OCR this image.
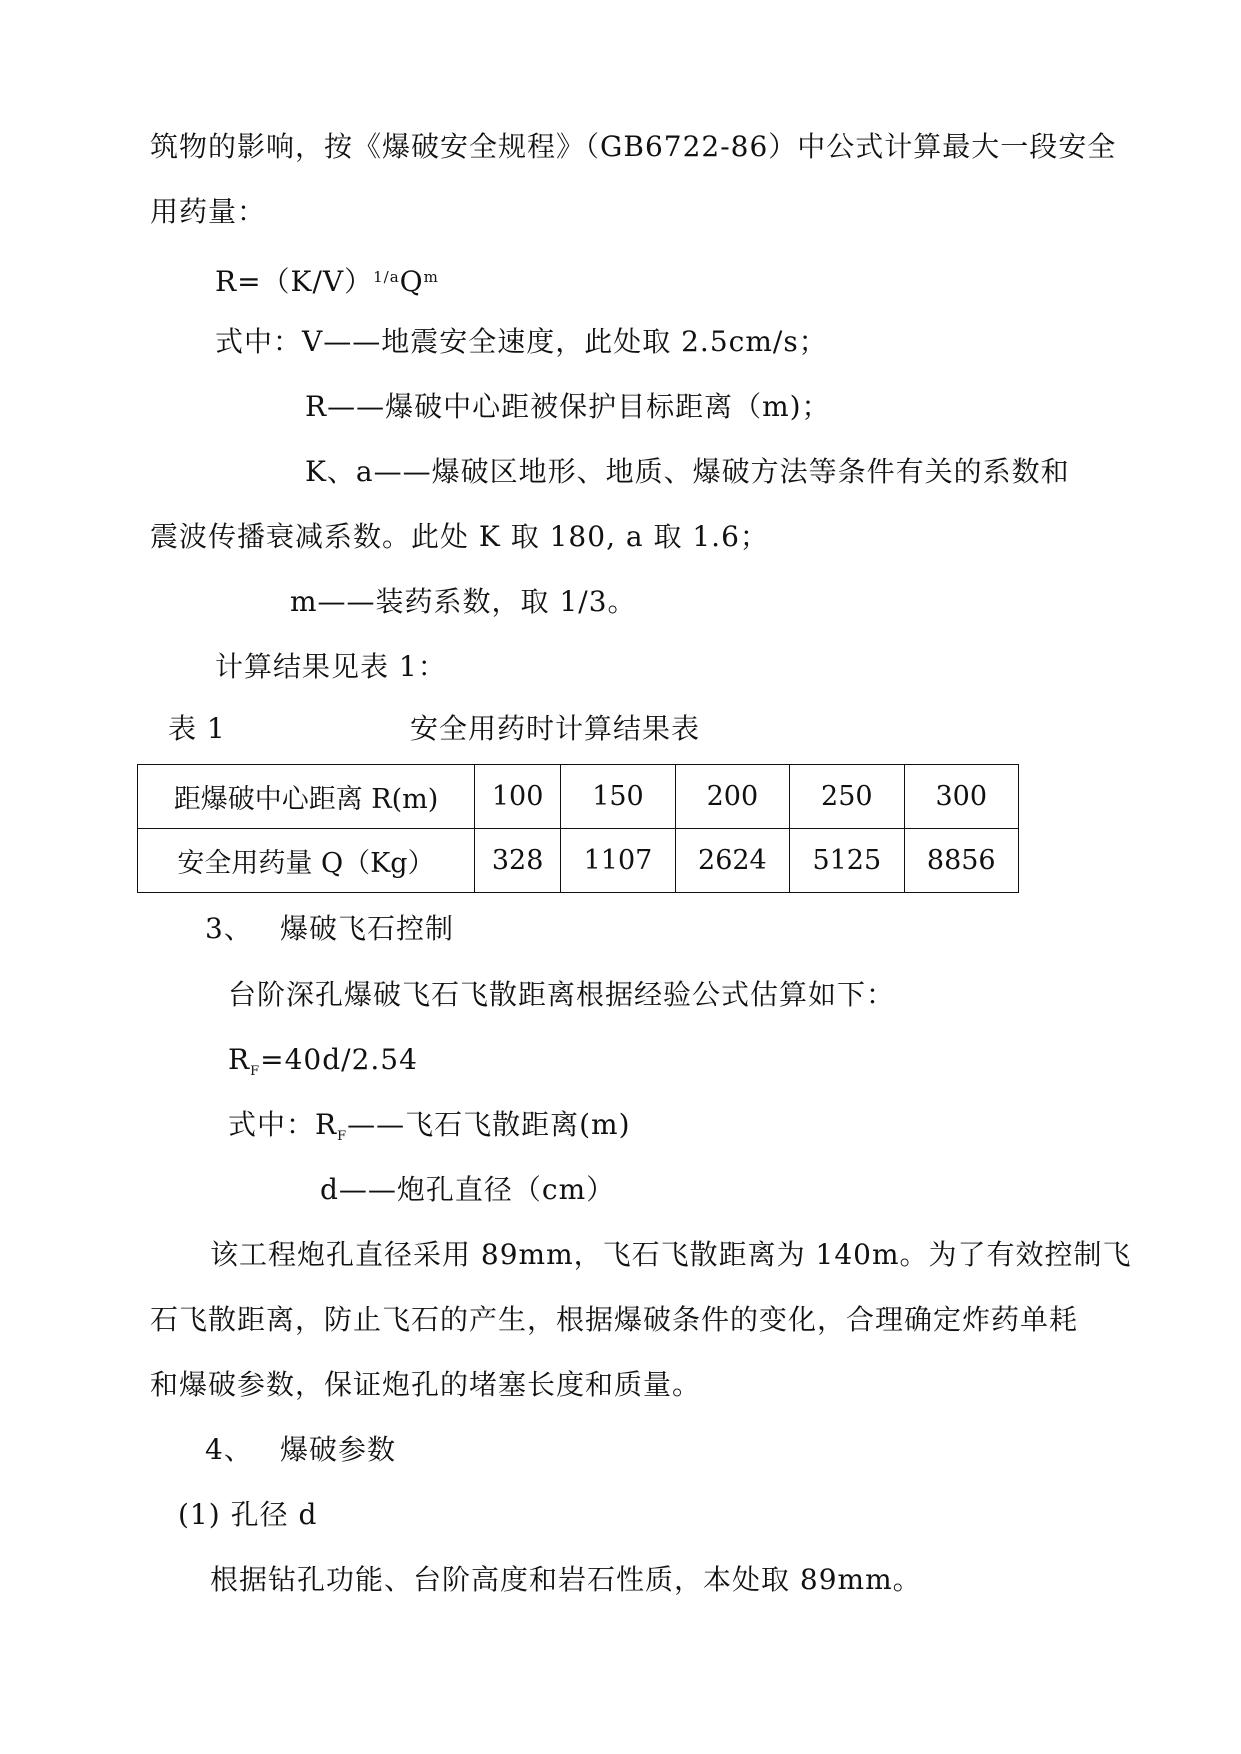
筑物的影响，按《爆破安全规程》（GB6722-86）中公式计算最大一段安全
用药量：
$R=(K/V)^{1/a}Q^m$
式中：V——地震安全速度，此处取 2.5cm/s；
R——爆破中心距被保护目标距离（m)；
K、a——爆破区地形、地质、爆破方法等条件有关的系数和
震波传播衰减系数。此处 K 取 180, a 取 1.6；
m——装药系数，取 1/3。
计算结果见表 1：
表 1	安全用药时计算结果表
距爆破中心距离 R(m)	100	150	200	250	300
安全用药量 Q（Kg）	328	1107	2624	5125	8856
3、 爆破飞石控制
台阶深孔爆破飞石飞散距离根据经验公式估算如下：
$R_F=40d/2.54$
式中：$R_F——$飞石飞散距离(m)
d——炮孔直径（cm）
该工程炮孔直径采用 89mm，飞石飞散距离为 140m。为了有效控制飞
石飞散距离，防止飞石的产生，根据爆破条件的变化，合理确定炸药单耗
和爆破参数，保证炮孔的堵塞长度和质量。
4、 爆破参数
(1) 孔径 d
根据钻孔功能、台阶高度和岩石性质，本处取 89mm。
